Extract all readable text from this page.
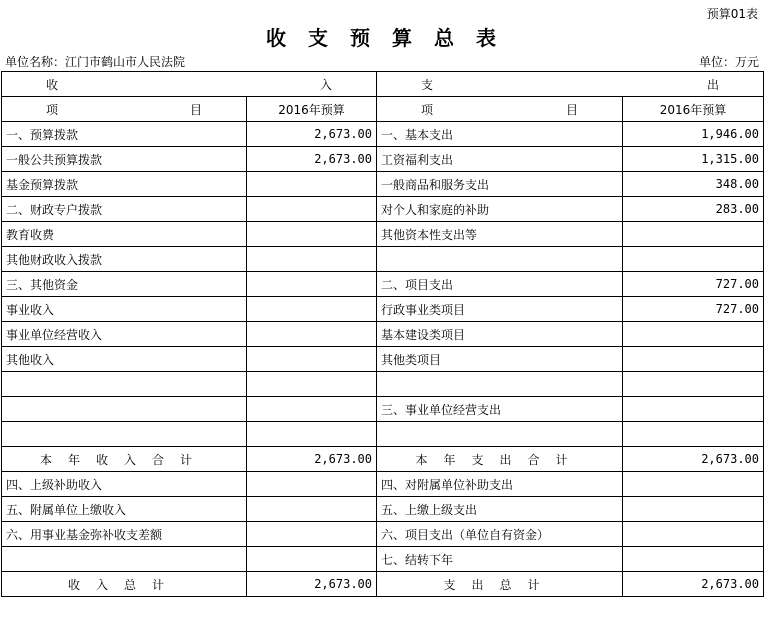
预算01表
收支预算总表
单位名称：江门市鹤山市人民法院	单位：万元
收 入		支 出	

项 目	2016年预算	项 目	2016年预算
一、预算拨款	2,673.00	一、基本支出	1,946.00
一般公共预算拨款	2,673.00	工资福利支出	1,315.00
基金预算拨款		一般商品和服务支出	348.00
二、财政专户拨款		对个人和家庭的补助	283.00
教育收费		其他资本性支出等	
其他财政收入拨款			
三、其他资金		二、项目支出	727.00
事业收入		行政事业类项目	727.00
事业单位经营收入		基本建设类项目	
其他收入		其他类项目	

		三、事业单位经营支出	

本年收入合计	2,673.00	本年支出合计	2,673.00
四、上级补助收入		四、对附属单位补助支出	
五、附属单位上缴收入		五、上缴上级支出	
六、用事业基金弥补收支差额		六、项目支出（单位自有资金）	
		七、结转下年	
收入总计	2,673.00	支出总计	2,673.00
